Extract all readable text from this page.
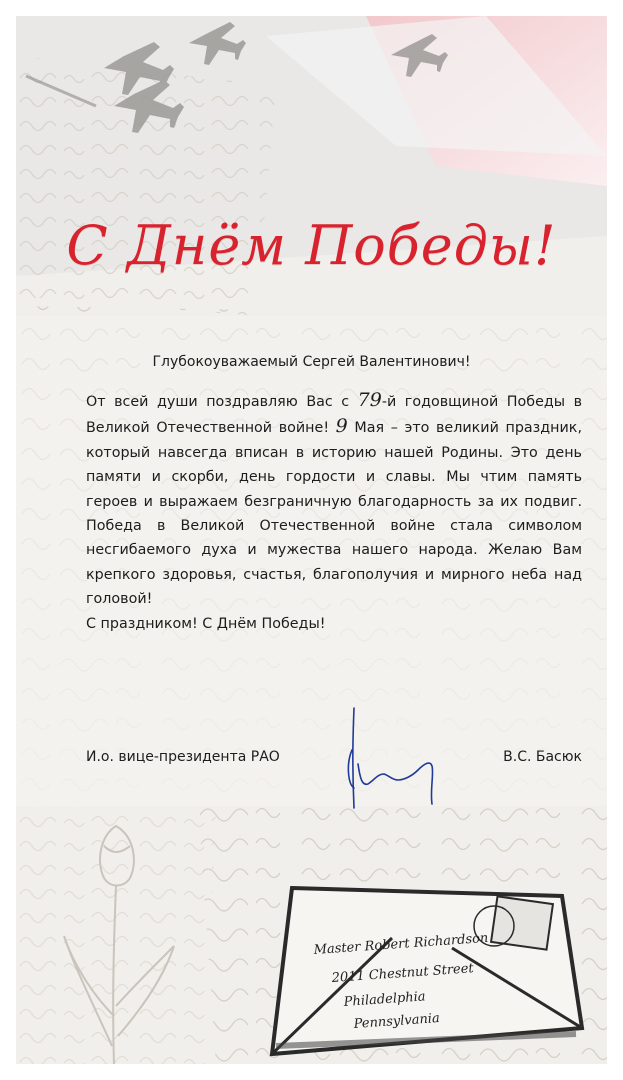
С Днём Победы!
Глубокоуважаемый Сергей Валентинович!

От всей души поздравляю Вас с 79-й годовщиной Победы в Великой Отечественной войне! 9 Мая – это великий праздник, который навсегда вписан в историю нашей Родины. Это день памяти и скорби, день гордости и славы. Мы чтим память героев и выражаем безграничную благодарность за их подвиг. Победа в Великой Отечественной войне стала символом несгибаемого духа и мужества нашего народа. Желаю Вам крепкого здоровья, счастья, благополучия и мирного неба над головой!
С праздником! С Днём Победы!

И.о. вице-президента РАО	В.С. Басюк
Master Robert Richardson
2011 Chestnut Street
Philadelphia
Pennsylvania
